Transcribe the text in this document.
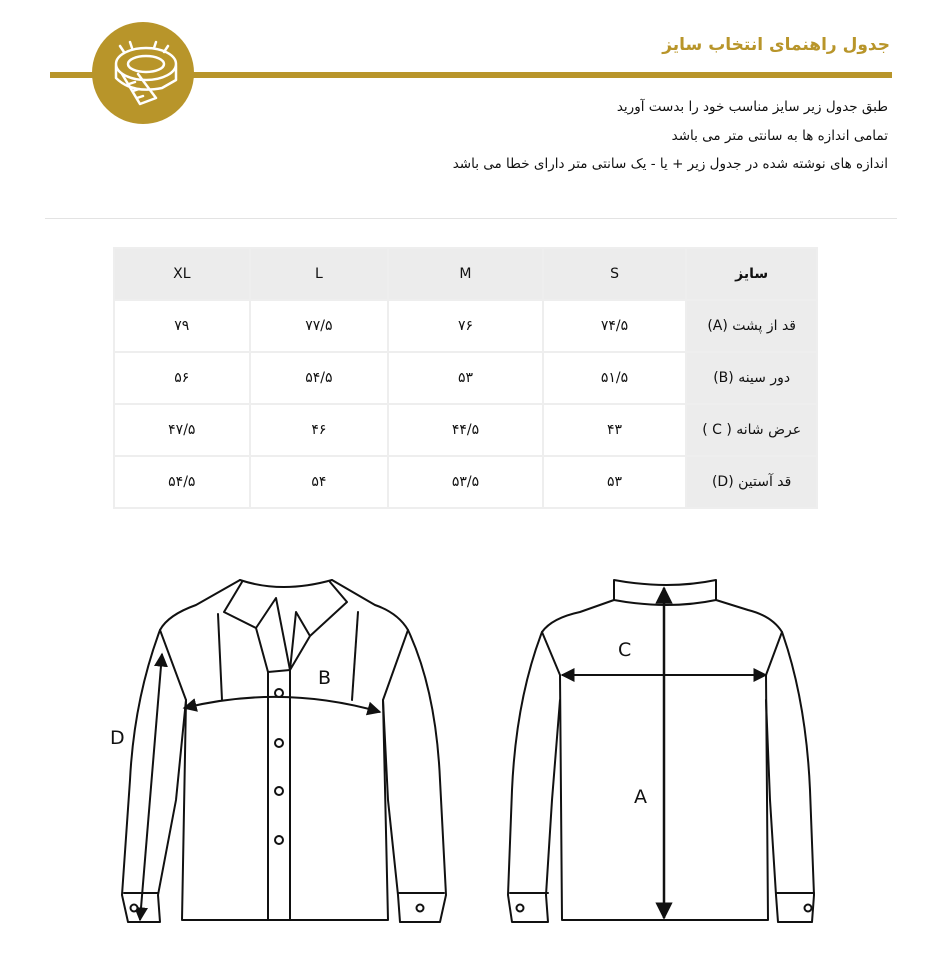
جدول راهنمای انتخاب سایز
طبق جدول زیر سایز مناسب خود را بدست آورید
تمامی اندازه ها به سانتی متر می باشد
اندازه های نوشته شده در جدول زیر + یا - یک سانتی متر دارای خطا می باشد
XL	L	M	S	سایز
۷۹	۷۷/۵	۷۶	۷۴/۵	قد از پشت (A)
۵۶	۵۴/۵	۵۳	۵۱/۵	دور سینه (B)
۴۷/۵	۴۶	۴۴/۵	۴۳	عرض شانه ( C )
۵۴/۵	۵۴	۵۳/۵	۵۳	قد آستین (D)
B
D
C
A
